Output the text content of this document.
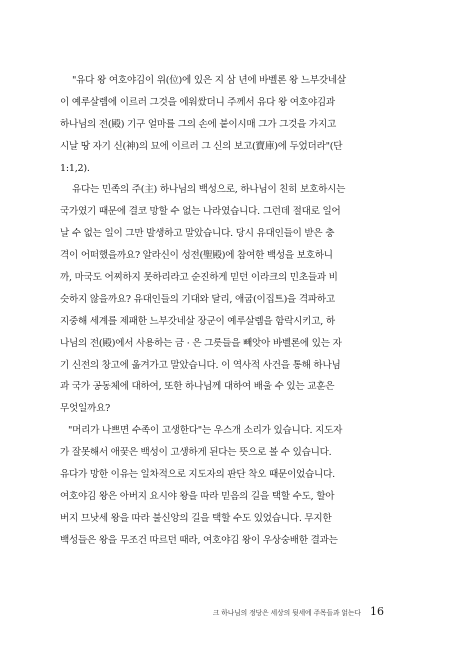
"유다 왕 여호야김이 위(位)에 있은 지 삼 년에 바벨론 왕 느부갓네살
이 예루살렘에 이르러 그것을 에워쌌더니 주께서 유다 왕 여호야김과
하나님의 전(殿) 기구 얼마를 그의 손에 붙이시매 그가 그것을 가지고
시날 땅 자기 신(神)의 묘에 이르러 그 신의 보고(寶庫)에 두었더라"(단
1:1,2).
유다는 민족의 주(主) 하나님의 백성으로, 하나님이 친히 보호하시는
국가였기 때문에 결코 망할 수 없는 나라였습니다. 그런데 절대로 일어
날 수 없는 일이 그만 발생하고 말았습니다. 당시 유대인들이 받은 충
격이 어떠했을까요? 알라신이 성전(聖殿)에 참여한 백성을 보호하니
까, 마국도 어찌하지 못하리라고 순진하게 믿던 이라크의 민초들과 비
슷하지 않을까요? 유대인들의 기대와 달리, 애굽(이집트)을 격파하고
지중해 세계를 제패한 느부갓네살 장군이 예루살렘을 함락시키고, 하
나님의 전(殿)에서 사용하는 금 · 은 그릇들을 빼앗아 바벨론에 있는 자
기 신전의 창고에 옮겨가고 말았습니다. 이 역사적 사건을 통해 하나님
과 국가 공동체에 대하여, 또한 하나님께 대하여 배울 수 있는 교훈은
무엇일까요?
"머리가 나쁘면 수족이 고생한다"는 우스개 소리가 있습니다. 지도자
가 잘못해서 애꿎은 백성이 고생하게 된다는 뜻으로 볼 수 있습니다.
유다가 망한 이유는 일차적으로 지도자의 판단 착오 때문이었습니다.
여호야김 왕은 아버지 요시야 왕을 따라 믿음의 길을 택할 수도, 할아
버지 므낫세 왕을 따라 불신앙의 길을 택할 수도 있었습니다. 무지한
백성들은 왕을 무조건 따르던 때라, 여호야김 왕이 우상숭배한 결과는
크 하나님의 정당은 세상의 뒷세에 주목들과 얽는다 16
